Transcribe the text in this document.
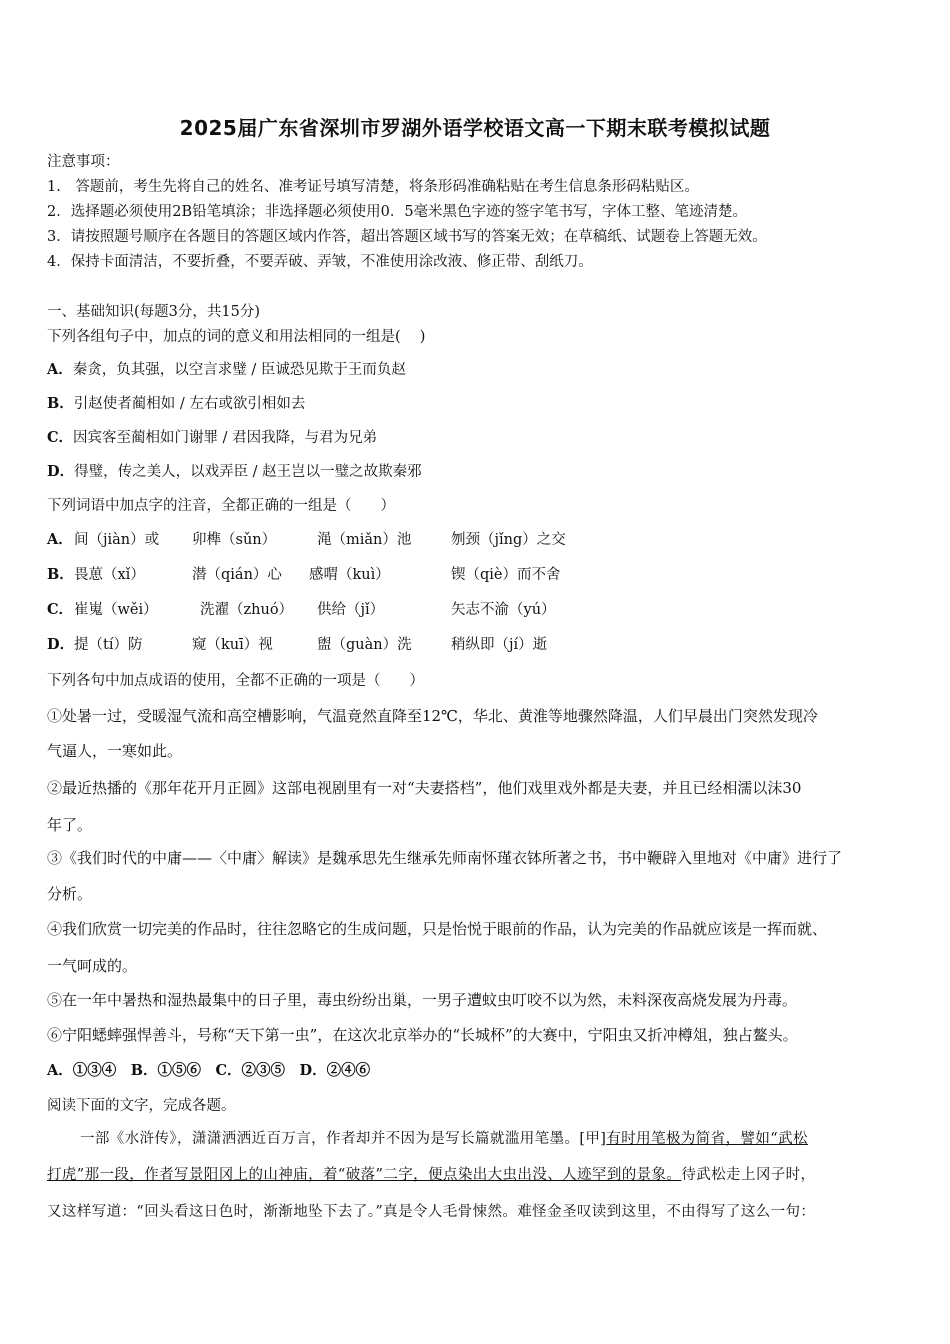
2025届广东省深圳市罗湖外语学校语文高一下期末联考模拟试题
注意事项：
1.　答题前，考生先将自己的姓名、准考证号填写清楚，将条形码准确粘贴在考生信息条形码粘贴区。
2．选择题必须使用2B铅笔填涂；非选择题必须使用0．5毫米黑色字迹的签字笔书写，字体工整、笔迹清楚。
3．请按照题号顺序在各题目的答题区域内作答，超出答题区域书写的答案无效；在草稿纸、试题卷上答题无效。
4．保持卡面清洁，不要折叠，不要弄破、弄皱，不准使用涂改液、修正带、刮纸刀。
一、基础知识(每题3分，共15分)
下列各组句子中，加点的词的意义和用法相同的一组是(　 )
A．秦贪，负其强，以空言求璧 / 臣诚恐见欺于王而负赵
B．引赵使者蔺相如 / 左右或欲引相如去
C．因宾客至蔺相如门谢罪 / 君因我降，与君为兄弟
D．得璧，传之美人，以戏弄臣 / 赵王岂以一璧之故欺秦邪
下列词语中加点字的注音，全都正确的一组是（　　）
A． 间（jiàn）或 卯榫（sǔn）	渑（miǎn）池	刎颈（jǐng）之交
B． 畏葸（xǐ）	潜（qián）心 感喟（kuì）	锲（qiè）而不舍
C． 崔嵬（wěi）	洗濯（zhuó） 供给（jǐ）	矢志不渝（yú）
D． 提（tí）防	窥（kuī）视	盥（guàn）洗	稍纵即（jí）逝
下列各句中加点成语的使用，全都不正确的一项是（　　）
①处暑一过，受暖湿气流和高空槽影响，气温竟然直降至12℃，华北、黄淮等地骤然降温，人们早晨出门突然发现冷
气逼人，一寒如此。
②最近热播的《那年花开月正圆》这部电视剧里有一对“夫妻搭档”，他们戏里戏外都是夫妻，并且已经相濡以沫30
年了。
③《我们时代的中庸——〈中庸〉解读》是魏承思先生继承先师南怀瑾衣钵所著之书，书中鞭辟入里地对《中庸》进行了
分析。
④我们欣赏一切完美的作品时，往往忽略它的生成问题，只是怡悦于眼前的作品，认为完美的作品就应该是一挥而就、
一气呵成的。
⑤在一年中暑热和湿热最集中的日子里，毒虫纷纷出巢，一男子遭蚊虫叮咬不以为然，未料深夜高烧发展为丹毒。
⑥宁阳蟋蟀强悍善斗，号称“天下第一虫”，在这次北京举办的“长城杯”的大赛中，宁阳虫又折冲樽俎，独占鳌头。
A．①③④　B．①⑤⑥　C．②③⑤　D．②④⑥
阅读下面的文字，完成各题。
一部《水浒传》，潇潇洒洒近百万言，作者却并不因为是写长篇就滥用笔墨。[甲]有时用笔极为简省，譬如“武松
打虎”那一段，作者写景阳冈上的山神庙，着“破落”二字，便点染出大虫出没、人迹罕到的景象。待武松走上冈子时，
又这样写道：“回头看这日色时，渐渐地坠下去了。”真是令人毛骨悚然。难怪金圣叹读到这里，不由得写了这么一句：
